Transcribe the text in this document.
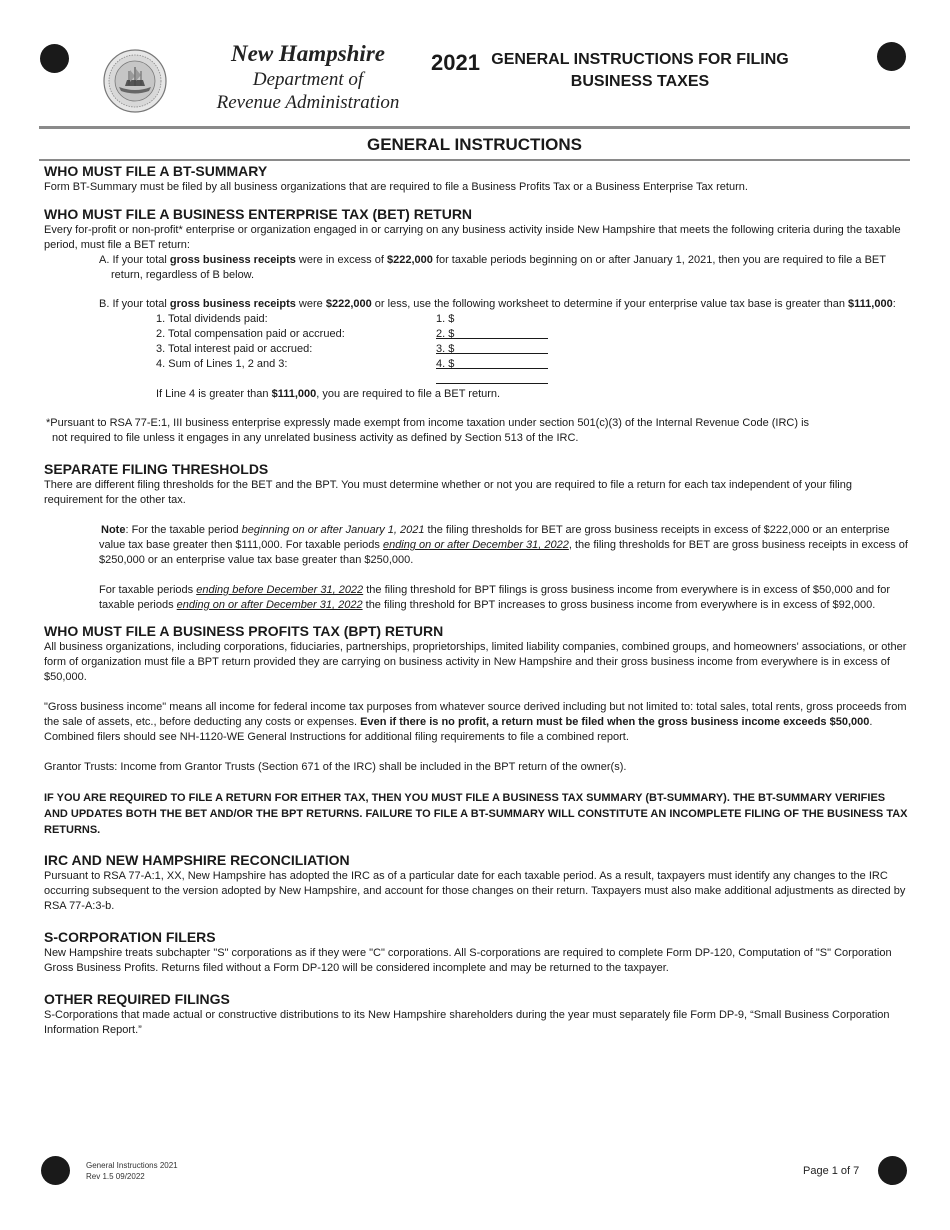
New Hampshire
Department of
Revenue Administration
2021 GENERAL INSTRUCTIONS FOR FILING
BUSINESS TAXES
GENERAL INSTRUCTIONS
WHO MUST FILE A BT-SUMMARY

Form BT-Summary must be filed by all business organizations that are required to file a Business Profits Tax or a Business Enterprise Tax return.

WHO MUST FILE A BUSINESS ENTERPRISE TAX (BET) RETURN

Every for-profit or non-profit* enterprise or organization engaged in or carrying on any business activity inside New Hampshire that meets the following criteria during the taxable period, must file a BET return:

A. If your total gross business receipts were in excess of $222,000 for taxable periods beginning on or after January 1, 2021, then you are required to file a BET return, regardless of B below.

B. If your total gross business receipts were $222,000 or less, use the following worksheet to determine if your enterprise value tax base is greater than $111,000:

1. Total dividends paid:	1. $
2. Total compensation paid or accrued:	2. $
3. Total interest paid or accrued:	3. $
4. Sum of Lines 1, 2 and 3:	4. $

If Line 4 is greater than $111,000, you are required to file a BET return.

*Pursuant to RSA 77-E:1, III business enterprise expressly made exempt from income taxation under section 501(c)(3) of the Internal Revenue Code (IRC) is

not required to file unless it engages in any unrelated business activity as defined by Section 513 of the IRC.

SEPARATE FILING THRESHOLDS

There are different filing thresholds for the BET and the BPT. You must determine whether or not you are required to file a return for each tax independent of your filing requirement for the other tax.

Note: For the taxable period beginning on or after January 1, 2021 the filing thresholds for BET are gross business receipts in excess of $222,000 or an enterprise value tax base greater then $111,000. For taxable periods ending on or after December 31, 2022, the filing thresholds for BET are gross business receipts in excess of $250,000 or an enterprise value tax base greater than $250,000.

For taxable periods ending before December 31, 2022 the filing threshold for BPT filings is gross business income from everywhere is in excess of $50,000 and for taxable periods ending on or after December 31, 2022 the filing threshold for BPT increases to gross business income from everywhere is in excess of $92,000.

WHO MUST FILE A BUSINESS PROFITS TAX (BPT) RETURN

All business organizations, including corporations, fiduciaries, partnerships, proprietorships, limited liability companies, combined groups, and homeowners' associations, or other form of organization must file a BPT return provided they are carrying on business activity in New Hampshire and their gross business income from everywhere is in excess of $50,000.

"Gross business income" means all income for federal income tax purposes from whatever source derived including but not limited to: total sales, total rents, gross proceeds from the sale of assets, etc., before deducting any costs or expenses. Even if there is no profit, a return must be filed when the gross business income exceeds $50,000. Combined filers should see NH-1120-WE General Instructions for additional filing requirements to file a combined report.

Grantor Trusts: Income from Grantor Trusts (Section 671 of the IRC) shall be included in the BPT return of the owner(s).

IF YOU ARE REQUIRED TO FILE A RETURN FOR EITHER TAX, THEN YOU MUST FILE A BUSINESS TAX SUMMARY (BT-SUMMARY). THE BT-SUMMARY VERIFIES AND UPDATES BOTH THE BET AND/OR THE BPT RETURNS. FAILURE TO FILE A BT-SUMMARY WILL CONSTITUTE AN INCOMPLETE FILING OF THE BUSINESS TAX RETURNS.

IRC AND NEW HAMPSHIRE RECONCILIATION

Pursuant to RSA 77-A:1, XX, New Hampshire has adopted the IRC as of a particular date for each taxable period. As a result, taxpayers must identify any changes to the IRC occurring subsequent to the version adopted by New Hampshire, and account for those changes on their return. Taxpayers must also make additional adjustments as directed by RSA 77-A:3-b.

S-CORPORATION FILERS

New Hampshire treats subchapter "S" corporations as if they were "C" corporations. All S-corporations are required to complete Form DP-120, Computation of "S" Corporation Gross Business Profits. Returns filed without a Form DP-120 will be considered incomplete and may be returned to the taxpayer.

OTHER REQUIRED FILINGS

S-Corporations that made actual or constructive distributions to its New Hampshire shareholders during the year must separately file Form DP-9, “Small Business Corporation Information Report.”

General Instructions 2021
Rev 1.5 09/2022	Page 1 of 7
